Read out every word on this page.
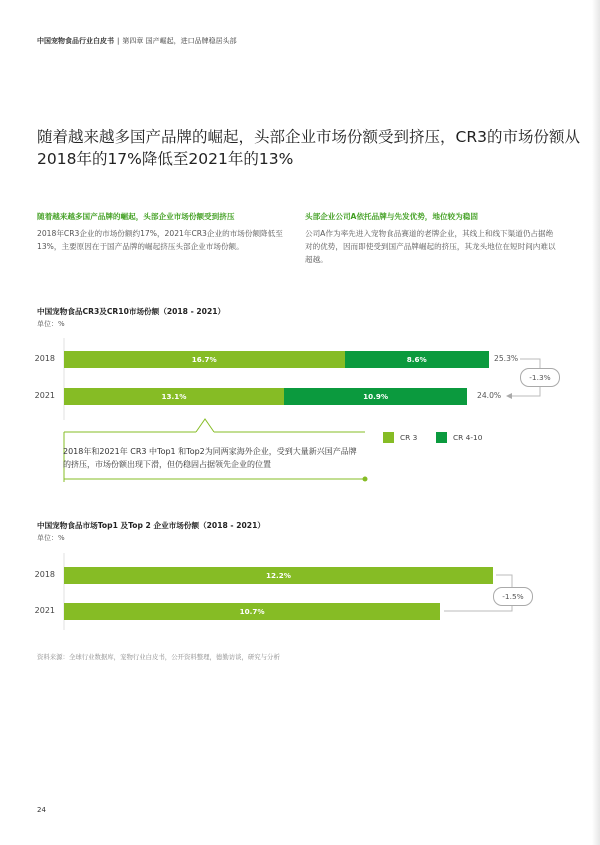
中国宠物食品行业白皮书 | 第四章 国产崛起，进口品牌稳居头部
随着越来越多国产品牌的崛起，头部企业市场份额受到挤压，CR3的市场份额从2018年的17%降低至2021年的13%
随着越来越多国产品牌的崛起，头部企业市场份额受到挤压

2018年CR3企业的市场份额约17%，2021年CR3企业的市场份额降低至13%，主要原因在于国产品牌的崛起挤压头部企业市场份额。

头部企业公司A依托品牌与先发优势，地位较为稳固

公司A作为率先进入宠物食品赛道的老牌企业，其线上和线下渠道仍占据绝对的优势，因而即使受到国产品牌崛起的挤压，其龙头地位在短时间内难以超越。

中国宠物食品CR3及CR10市场份额（2018 - 2021）
单位：%
16.7%	8.6%
13.1%	10.9%
2018
2021
25.3%
24.0%
-1.3%
CR 3	CR 4-10

2018年和2021年 CR3 中Top1 和Top2为同两家海外企业，受到大量新兴国产品牌的挤压，市场份额出现下滑，但仍稳固占据领先企业的位置

中国宠物食品市场Top1 及Top 2 企业市场份额（2018 - 2021）
单位：%
12.2%
10.7%
2018
2021
-1.5%
资料来源：全球行业数据库，宠物行业白皮书，公开资料整理，德勤访谈，研究与分析
24
